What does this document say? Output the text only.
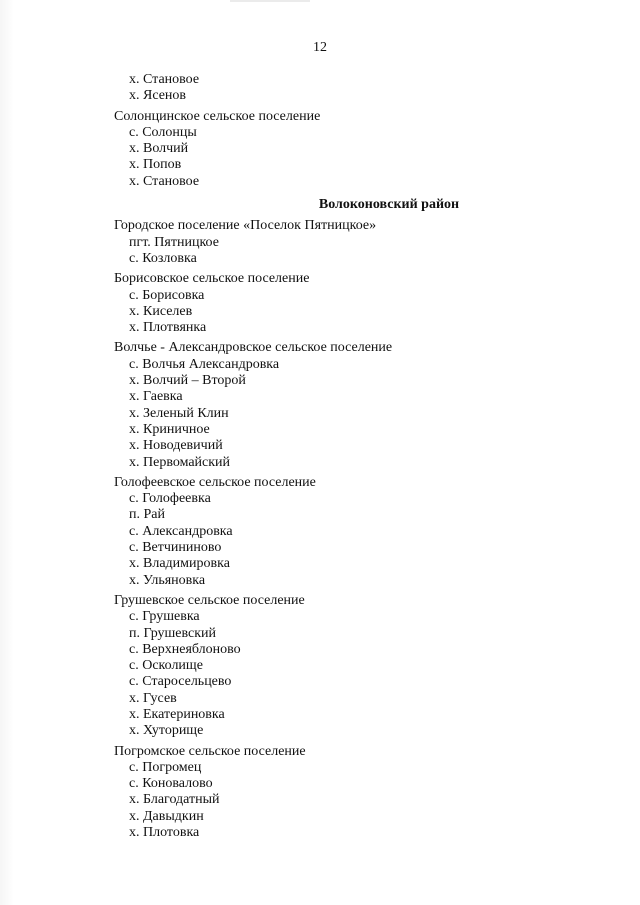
12
х. Становое
х. Ясенов
Солонцинское сельское поселение
с. Солонцы
х. Волчий
х. Попов
х. Становое
Волоконовский район
Городское поселение «Поселок Пятницкое»
пгт. Пятницкое
с. Козловка
Борисовское сельское поселение
с. Борисовка
х. Киселев
х. Плотвянка
Волчье - Александровское сельское поселение
с. Волчья Александровка
х. Волчий – Второй
х. Гаевка
х. Зеленый Клин
х. Криничное
х. Новодевичий
х. Первомайский
Голофеевское сельское поселение
с. Голофеевка
п. Рай
с. Александровка
с. Ветчининово
х. Владимировка
х. Ульяновка
Грушевское сельское поселение
с. Грушевка
п. Грушевский
с. Верхнеяблоново
с. Осколище
с. Старосельцево
х. Гусев
х. Екатериновка
х. Хуторище
Погромское сельское поселение
с. Погромец
с. Коновалово
х. Благодатный
х. Давыдкин
х. Плотовка
